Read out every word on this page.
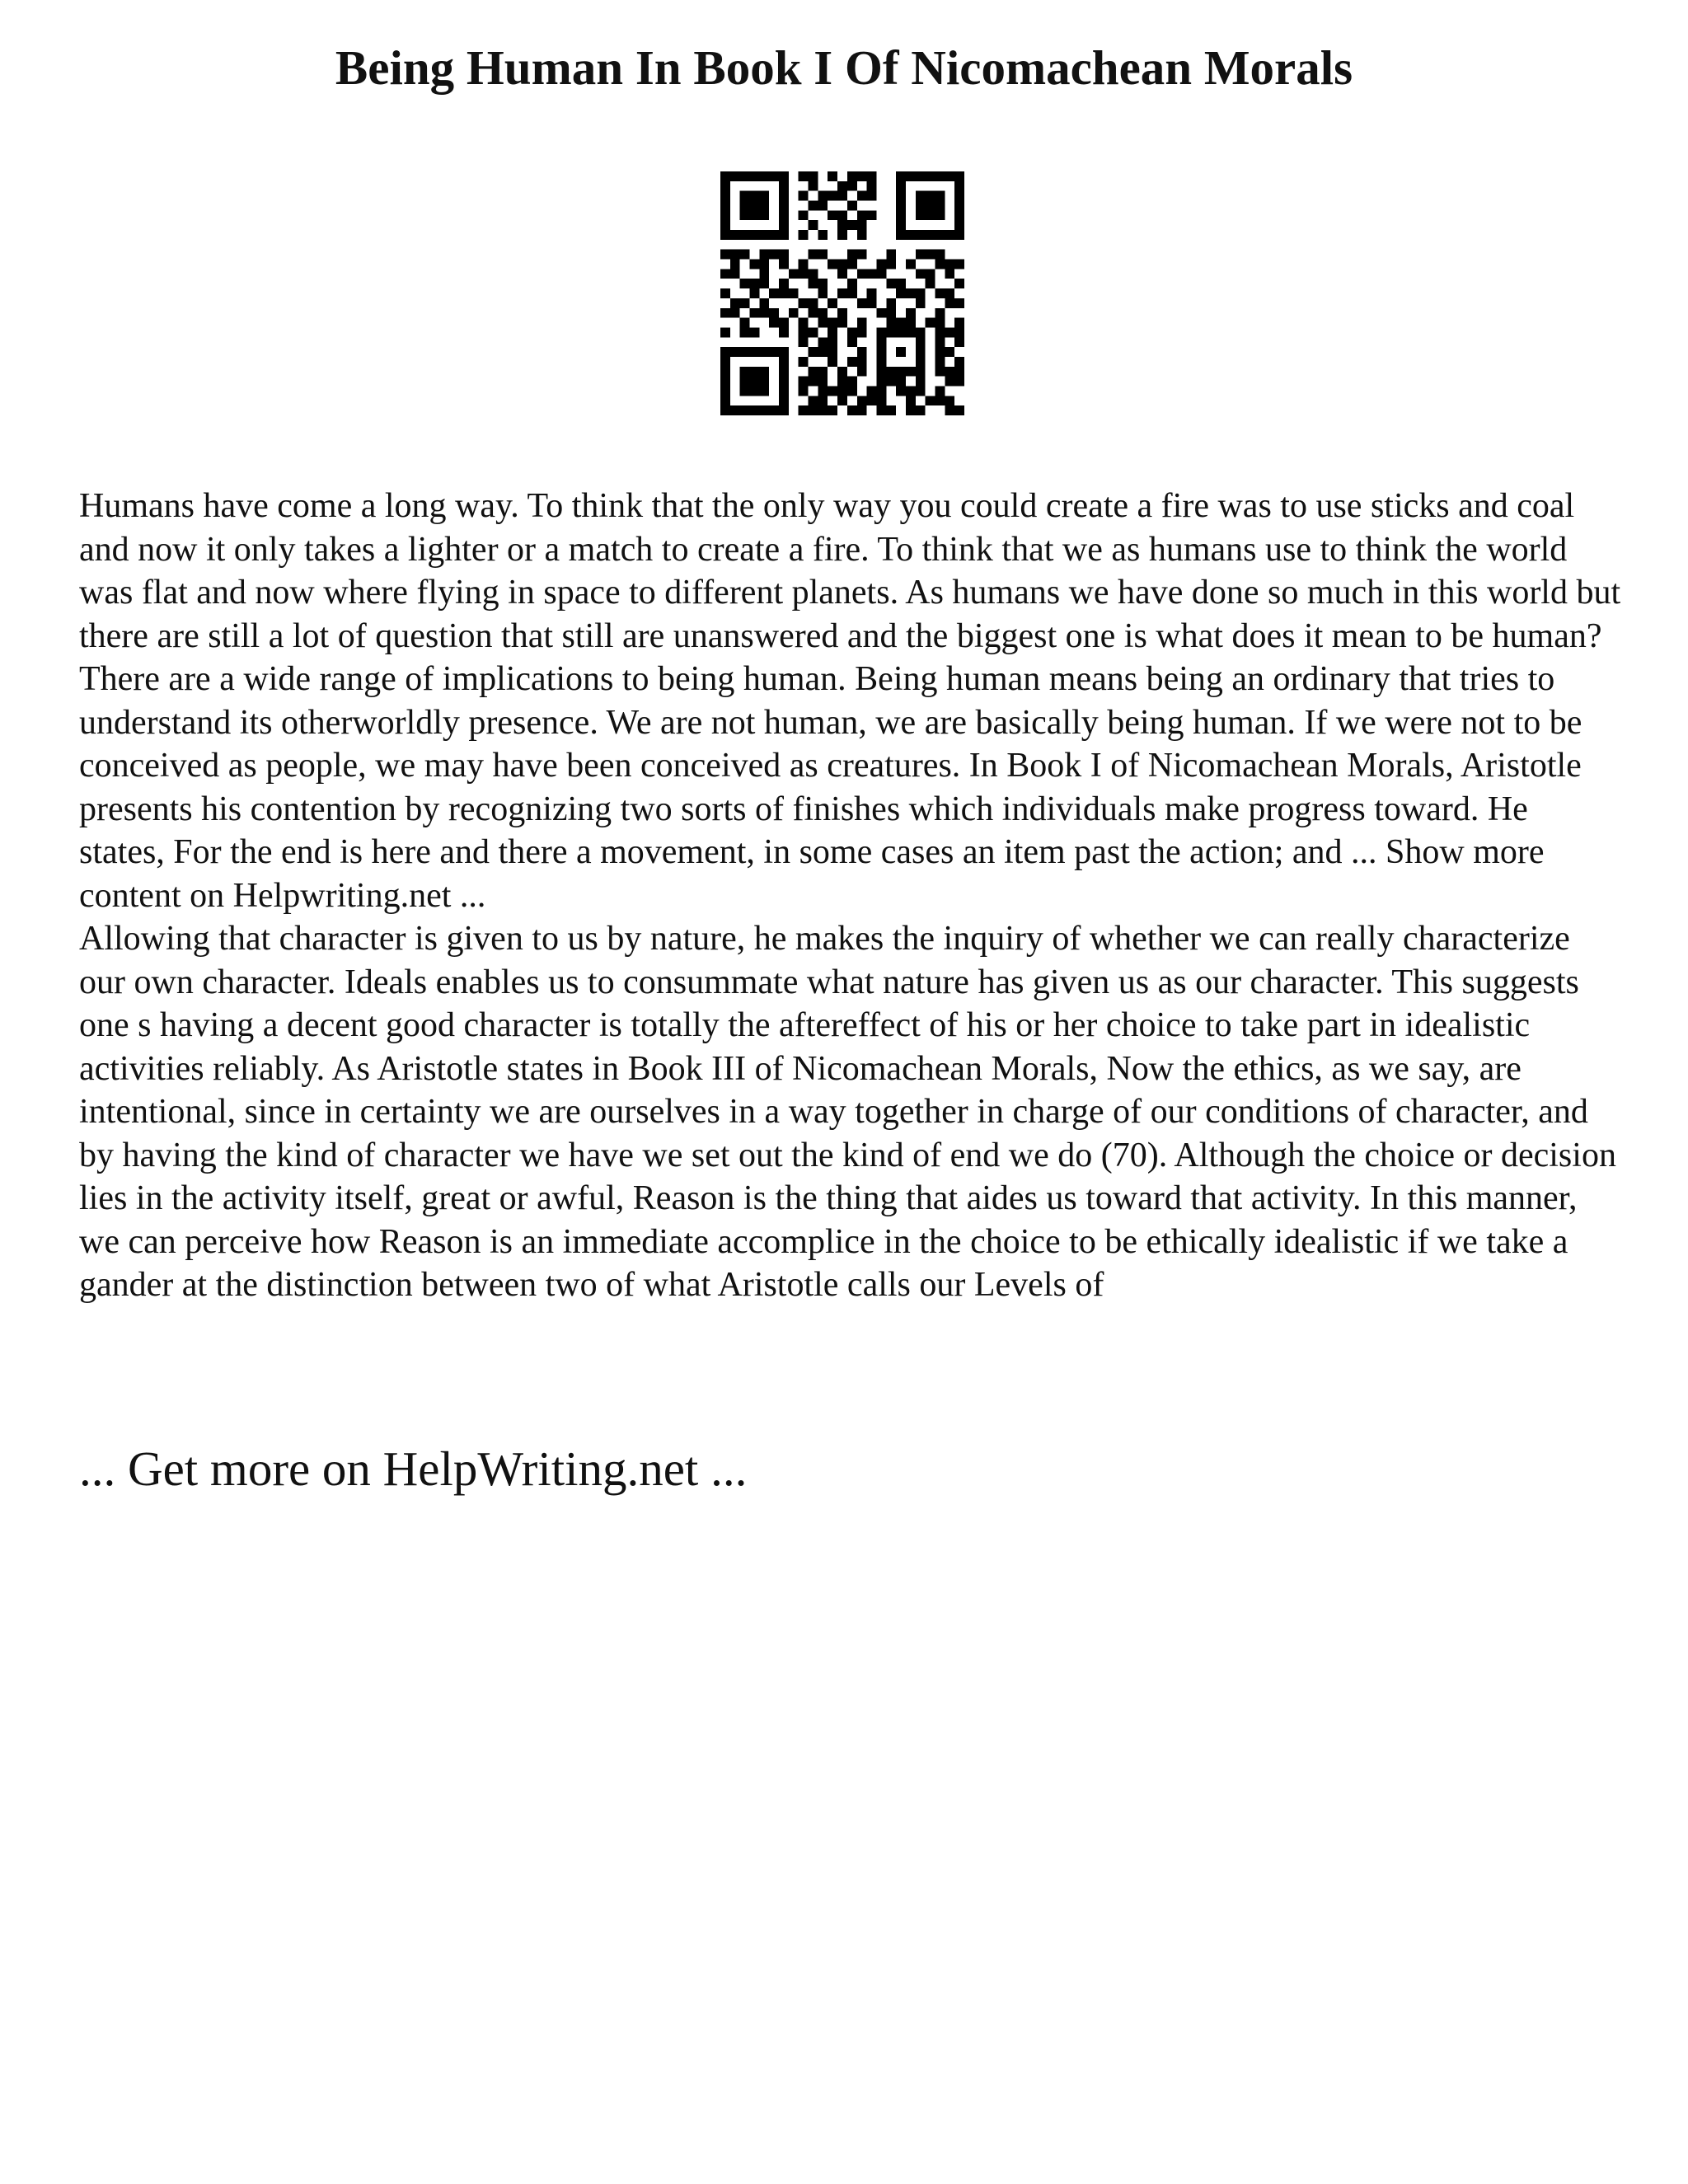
Being Human In Book I Of Nicomachean Morals

Humans have come a long way. To think that the only way you could create a fire was to use sticks and coal and now it only takes a lighter or a match to create a fire. To think that we as humans use to think the world was flat and now where flying in space to different planets. As humans we have done so much in this world but there are still a lot of question that still are unanswered and the biggest one is what does it mean to be human?

There are a wide range of implications to being human. Being human means being an ordinary that tries to understand its otherworldly presence. We are not human, we are basically being human. If we were not to be conceived as people, we may have been conceived as creatures. In Book I of Nicomachean Morals, Aristotle presents his contention by recognizing two sorts of finishes which individuals make progress toward. He states, For the end is here and there a movement, in some cases an item past the action; and ... Show more content on Helpwriting.net ...

Allowing that character is given to us by nature, he makes the inquiry of whether we can really characterize our own character. Ideals enables us to consummate what nature has given us as our character. This suggests one s having a decent good character is totally the aftereffect of his or her choice to take part in idealistic activities reliably. As Aristotle states in Book III of Nicomachean Morals, Now the ethics, as we say, are intentional, since in certainty we are ourselves in a way together in charge of our conditions of character, and by having the kind of character we have we set out the kind of end we do (70). Although the choice or decision lies in the activity itself, great or awful, Reason is the thing that aides us toward that activity. In this manner, we can perceive how Reason is an immediate accomplice in the choice to be ethically idealistic if we take a gander at the distinction between two of what Aristotle calls our Levels of

... Get more on HelpWriting.net ...
